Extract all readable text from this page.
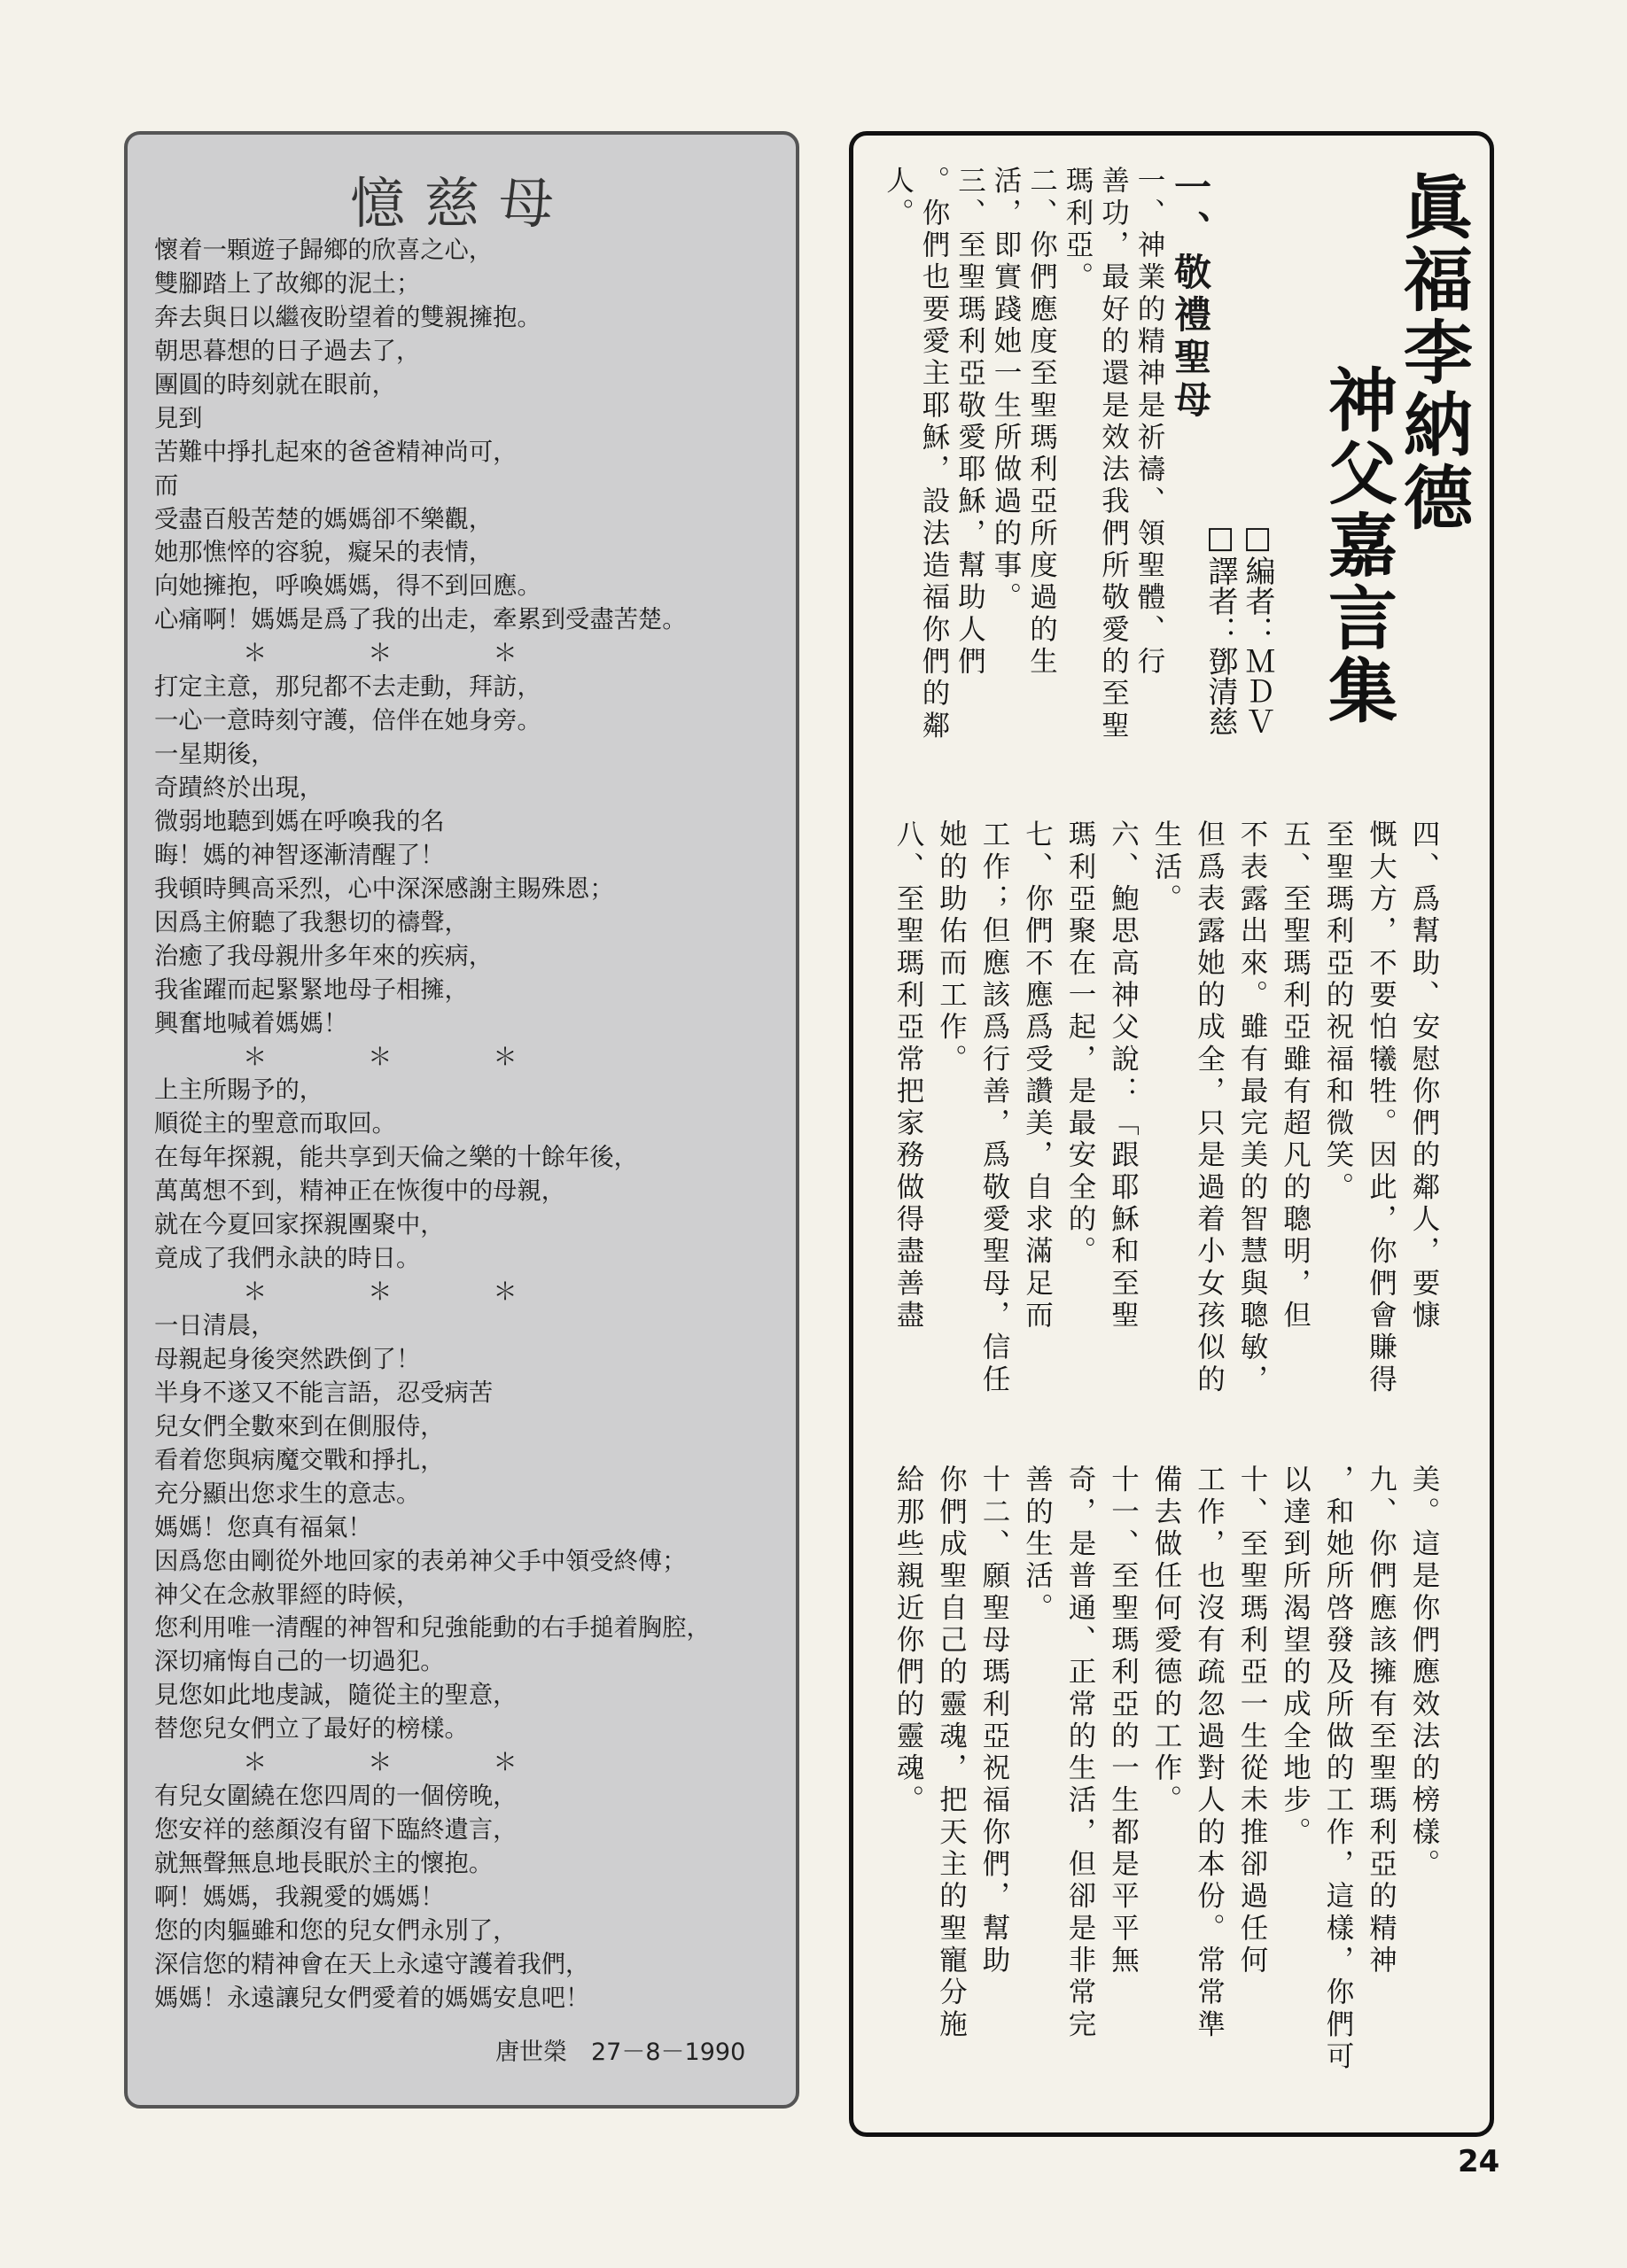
憶慈母
懷着一顆遊子歸鄉的欣喜之心，
雙腳踏上了故鄉的泥土；
奔去與日以繼夜盼望着的雙親擁抱。
朝思暮想的日子過去了，
團圓的時刻就在眼前，
見到
苦難中掙扎起來的爸爸精神尚可，
而
受盡百般苦楚的媽媽卻不樂觀，
她那憔悴的容貌，癡呆的表情，
向她擁抱，呼喚媽媽，得不到回應。
心痛啊！媽媽是爲了我的出走，牽累到受盡苦楚。
＊　　　＊　　　＊
打定主意，那兒都不去走動，拜訪，
一心一意時刻守護，倍伴在她身旁。
一星期後，
奇蹟終於出現，
微弱地聽到媽在呼喚我的名
晦！媽的神智逐漸清醒了！
我頓時興高采烈，心中深深感謝主賜殊恩；
因爲主俯聽了我懇切的禱聲，
治癒了我母親卅多年來的疾病，
我雀躍而起緊緊地母子相擁，
興奮地喊着媽媽！
＊　　　＊　　　＊
上主所賜予的，
順從主的聖意而取回。
在每年探親，能共享到天倫之樂的十餘年後，
萬萬想不到，精神正在恢復中的母親，
就在今夏回家探親團聚中，
竟成了我們永訣的時日。
＊　　　＊　　　＊
一日清晨，
母親起身後突然跌倒了！
半身不遂又不能言語，忍受病苦
兒女們全數來到在側服侍，
看着您與病魔交戰和掙扎，
充分顯出您求生的意志。
媽媽！您真有福氣！
因爲您由剛從外地回家的表弟神父手中領受終傅；
神父在念赦罪經的時候，
您利用唯一清醒的神智和兒強能動的右手搥着胸腔，
深切痛悔自己的一切過犯。
見您如此地虔誠，隨從主的聖意，
替您兒女們立了最好的榜樣。
＊　　　＊　　　＊
有兒女圍繞在您四周的一個傍晚，
您安祥的慈顏沒有留下臨終遺言，
就無聲無息地長眠於主的懷抱。
啊！媽媽，我親愛的媽媽！
您的肉軀雖和您的兒女們永別了，
深信您的精神會在天上永遠守護着我們，
媽媽！永遠讓兒女們愛着的媽媽安息吧！
唐世榮　27－8－1990
眞福李納德
神父嘉言集
□編者：ＭＤＶ
□譯者：鄧清慈
一、敬禮聖母
一、神業的精神是祈禱、領聖體、行
善功，最好的還是效法我們所敬愛的至聖
瑪利亞。
二、你們應度至聖瑪利亞所度過的生
活，即實踐她一生所做過的事。
三、至聖瑪利亞敬愛耶穌，幫助人們
。你們也要愛主耶穌，設法造福你們的鄰
人。
四、爲幫助、安慰你們的鄰人，要慷
慨大方，不要怕犧牲。因此，你們會賺得
至聖瑪利亞的祝福和微笑。
五、至聖瑪利亞雖有超凡的聰明，但
不表露出來。雖有最完美的智慧與聰敏，
但爲表露她的成全，只是過着小女孩似的
生活。
六、鮑思高神父說：「跟耶穌和至聖
瑪利亞聚在一起，是最安全的。
七、你們不應爲受讚美，自求滿足而
工作；但應該爲行善，爲敬愛聖母，信任
她的助佑而工作。
八、至聖瑪利亞常把家務做得盡善盡
美。這是你們應效法的榜樣。
九、你們應該擁有至聖瑪利亞的精神
，和她所啓發及所做的工作，這樣，你們可
以達到所渴望的成全地步。
十、至聖瑪利亞一生從未推卻過任何
工作，也沒有疏忽過對人的本份。常常準
備去做任何愛德的工作。
十一、至聖瑪利亞的一生都是平平無
奇，是普通、正常的生活，但卻是非常完
善的生活。
十二、願聖母瑪利亞祝福你們，幫助
你們成聖自己的靈魂，把天主的聖寵分施
給那些親近你們的靈魂。
24
